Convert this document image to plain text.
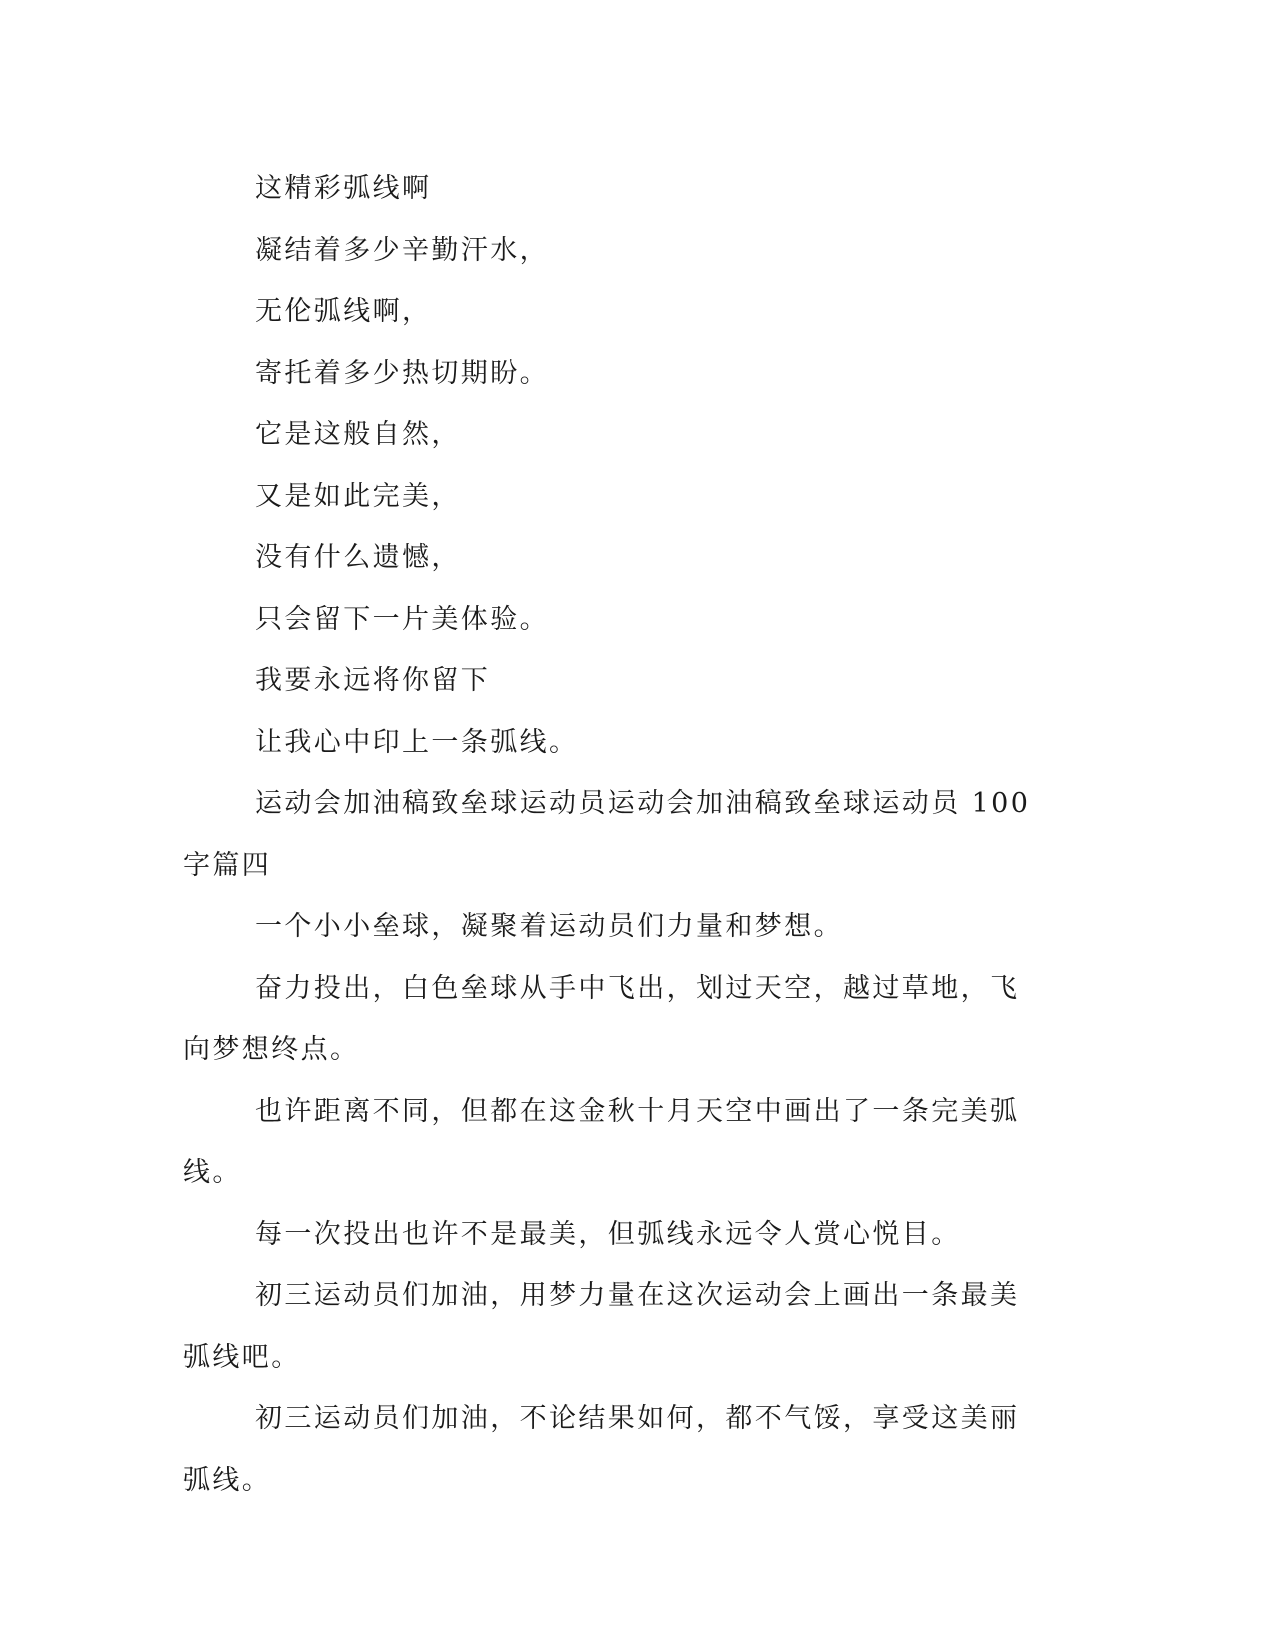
这精彩弧线啊

凝结着多少辛勤汗水，

无伦弧线啊，

寄托着多少热切期盼。

它是这般自然，

又是如此完美，

没有什么遗憾，

只会留下一片美体验。

我要永远将你留下

让我心中印上一条弧线。

运动会加油稿致垒球运动员运动会加油稿致垒球运动员 100 字篇四

一个小小垒球，凝聚着运动员们力量和梦想。

奋力投出，白色垒球从手中飞出，划过天空，越过草地，飞向梦想终点。

也许距离不同，但都在这金秋十月天空中画出了一条完美弧线。

每一次投出也许不是最美，但弧线永远令人赏心悦目。

初三运动员们加油，用梦力量在这次运动会上画出一条最美弧线吧。

初三运动员们加油，不论结果如何，都不气馁，享受这美丽弧线。
